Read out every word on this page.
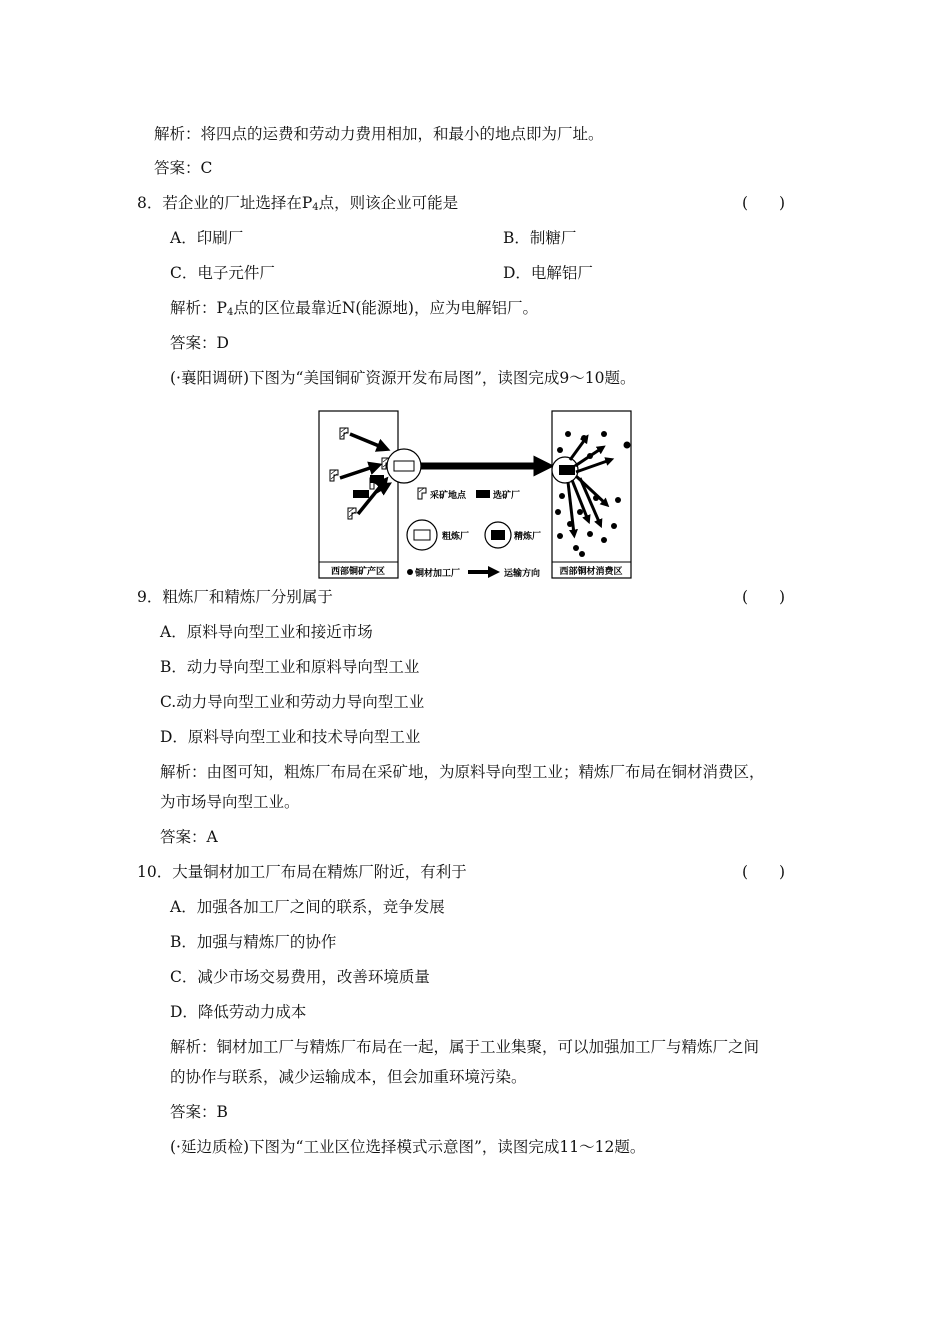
解析：将四点的运费和劳动力费用相加，和最小的地点即为厂址。
答案：C
8．若企业的厂址选择在$P_4$点，则该企业可能是	(　　)
A．印刷厂	B．制糖厂
C．电子元件厂	D．电解铝厂
解析：$P_4$点的区位最靠近N(能源地)，应为电解铝厂。
答案：D
(·襄阳调研)下图为“美国铜矿资源开发布局图”，读图完成9～10题。
西部铜矿产区	西部铜材消费区
采矿地点	选矿厂
粗炼厂	精炼厂
铜材加工厂	运输方向
9．粗炼厂和精炼厂分别属于	(　　)
A．原料导向型工业和接近市场
B．动力导向型工业和原料导向型工业
C.动力导向型工业和劳动力导向型工业
D．原料导向型工业和技术导向型工业
解析：由图可知，粗炼厂布局在采矿地，为原料导向型工业；精炼厂布局在铜材消费区，
为市场导向型工业。
答案：A
10．大量铜材加工厂布局在精炼厂附近，有利于	(　　)
A．加强各加工厂之间的联系，竞争发展
B．加强与精炼厂的协作
C．减少市场交易费用，改善环境质量
D．降低劳动力成本
解析：铜材加工厂与精炼厂布局在一起，属于工业集聚，可以加强加工厂与精炼厂之间
的协作与联系，减少运输成本，但会加重环境污染。
答案：B
(·延边质检)下图为“工业区位选择模式示意图”，读图完成11～12题。
